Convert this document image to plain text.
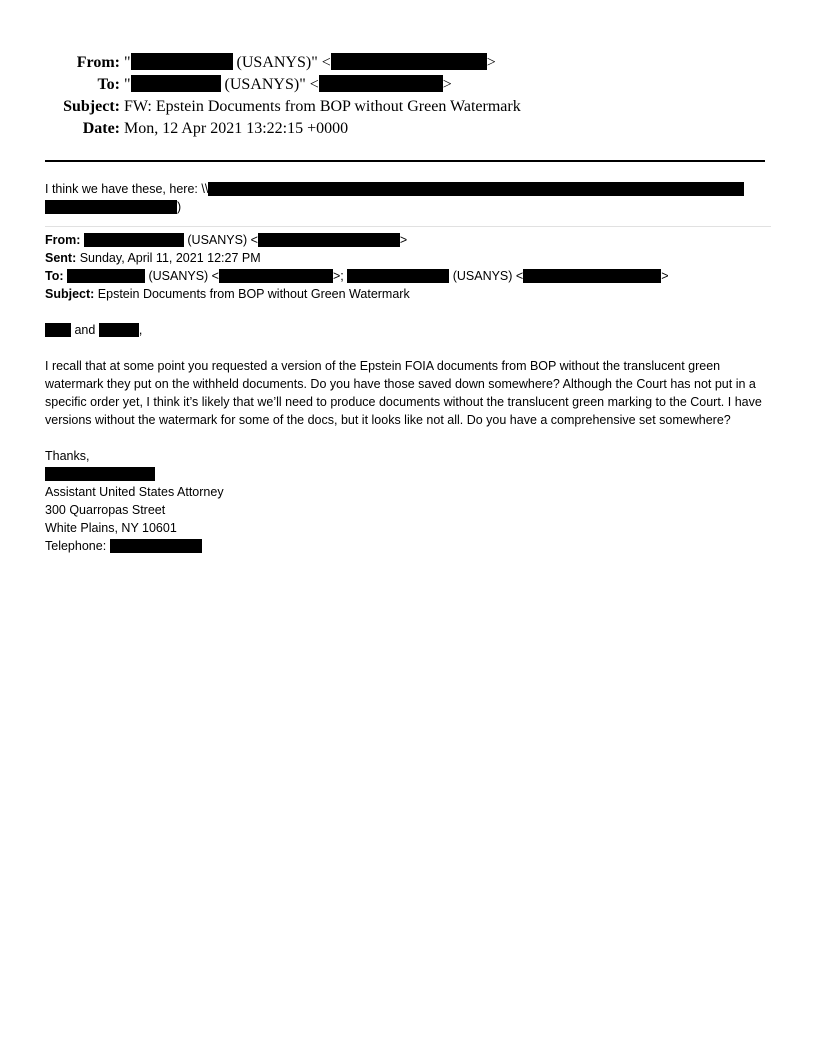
From: "	(USANYS)" <	>
To: "	(USANYS)" <	>
Subject: FW: Epstein Documents from BOP without Green Watermark
Date: Mon, 12 Apr 2021 13:22:15 +0000
I think we have these, here: \\
)
From:	(USANYS) <	>
Sent: Sunday, April 11, 2021 12:27 PM
To:	(USANYS) <	>;	(USANYS) <	>
Subject: Epstein Documents from BOP without Green Watermark
and	,

I recall that at some point you requested a version of the Epstein FOIA documents from BOP without the translucent green watermark they put on the withheld documents. Do you have those saved down somewhere? Although the Court has not put in a specific order yet, I think it’s likely that we’ll need to produce documents without the translucent green marking to the Court. I have versions without the watermark for some of the docs, but it looks like not all. Do you have a comprehensive set somewhere?

Thanks,
Assistant United States Attorney
300 Quarropas Street
White Plains, NY 10601
Telephone:
